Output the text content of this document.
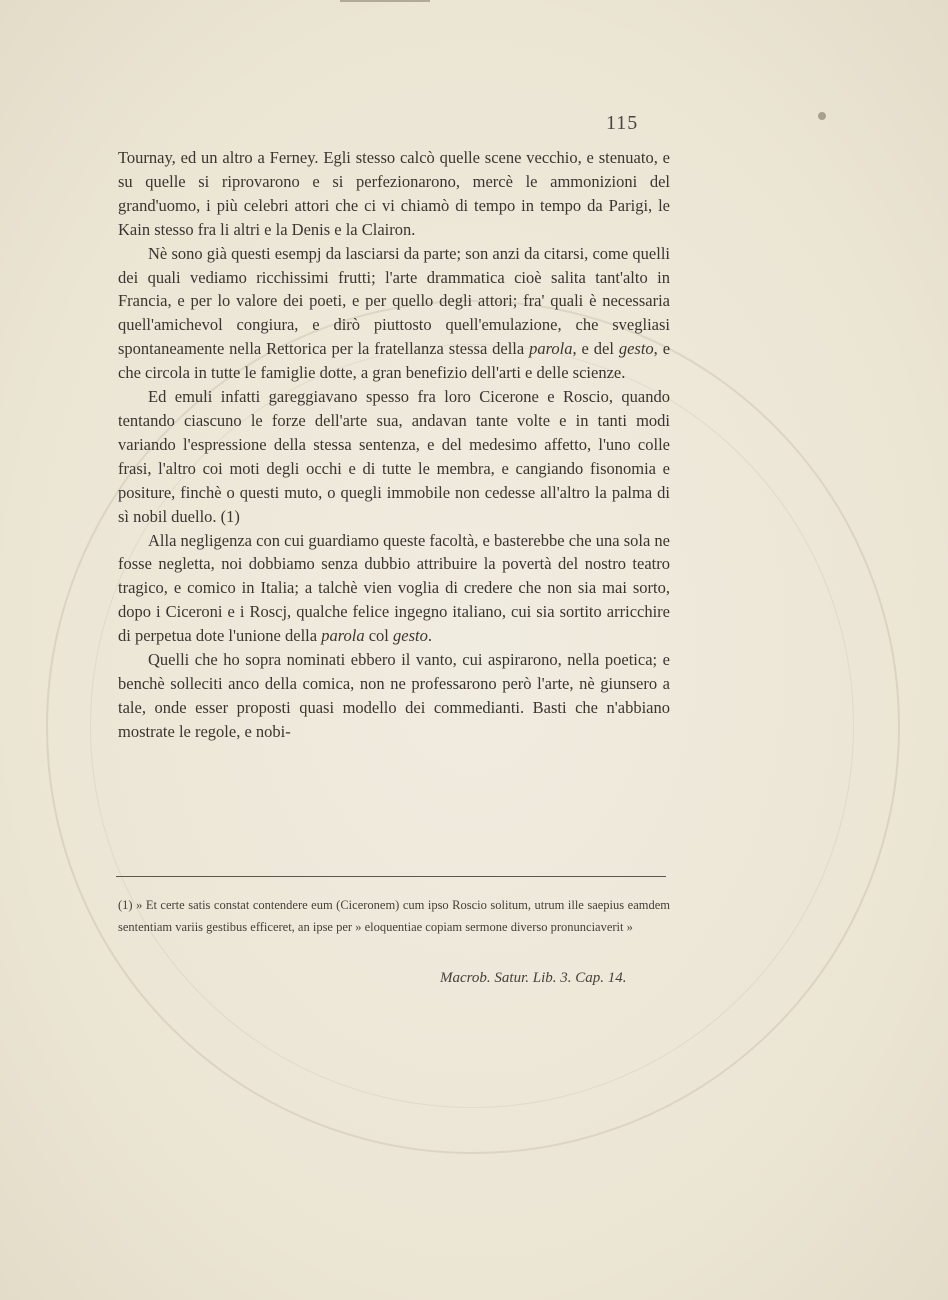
115

Tournay, ed un altro a Ferney. Egli stesso calcò quelle scene vecchio, e stenuato, e su quelle si riprovarono e si perfezionarono, mercè le ammonizioni del grand'uomo, i più celebri attori che ci vi chiamò di tempo in tempo da Parigi, le Kain stesso fra li altri e la Denis e la Clairon.

Nè sono già questi esempj da lasciarsi da parte; son anzi da citarsi, come quelli dei quali vediamo ricchissimi frutti; l'arte drammatica cioè salita tant'alto in Francia, e per lo valore dei poeti, e per quello degli attori; fra' quali è necessaria quell'amichevol congiura, e dirò piuttosto quell'emulazione, che svegliasi spontaneamente nella Rettorica per la fratellanza stessa della parola, e del gesto, e che circola in tutte le famiglie dotte, a gran benefizio dell'arti e delle scienze.

Ed emuli infatti gareggiavano spesso fra loro Cicerone e Roscio, quando tentando ciascuno le forze dell'arte sua, andavan tante volte e in tanti modi variando l'espressione della stessa sentenza, e del medesimo affetto, l'uno colle frasi, l'altro coi moti degli occhi e di tutte le membra, e cangiando fisonomia e positure, finchè o questi muto, o quegli immobile non cedesse all'altro la palma di sì nobil duello. (1)

Alla negligenza con cui guardiamo queste facoltà, e basterebbe che una sola ne fosse negletta, noi dobbiamo senza dubbio attribuire la povertà del nostro teatro tragico, e comico in Italia; a talchè vien voglia di credere che non sia mai sorto, dopo i Ciceroni e i Roscj, qualche felice ingegno italiano, cui sia sortito arricchire di perpetua dote l'unione della parola col gesto.

Quelli che ho sopra nominati ebbero il vanto, cui aspirarono, nella poetica; e benchè solleciti anco della comica, non ne professarono però l'arte, nè giunsero a tale, onde esser proposti quasi modello dei commedianti. Basti che n'abbiano mostrate le regole, e nobi-

(1) » Et certe satis constat contendere eum (Ciceronem) cum ipso Roscio solitum, utrum ille saepius eamdem sententiam variis gestibus efficeret, an ipse per » eloquentiae copiam sermone diverso pronunciaverit »

Macrob. Satur. Lib. 3. Cap. 14.
